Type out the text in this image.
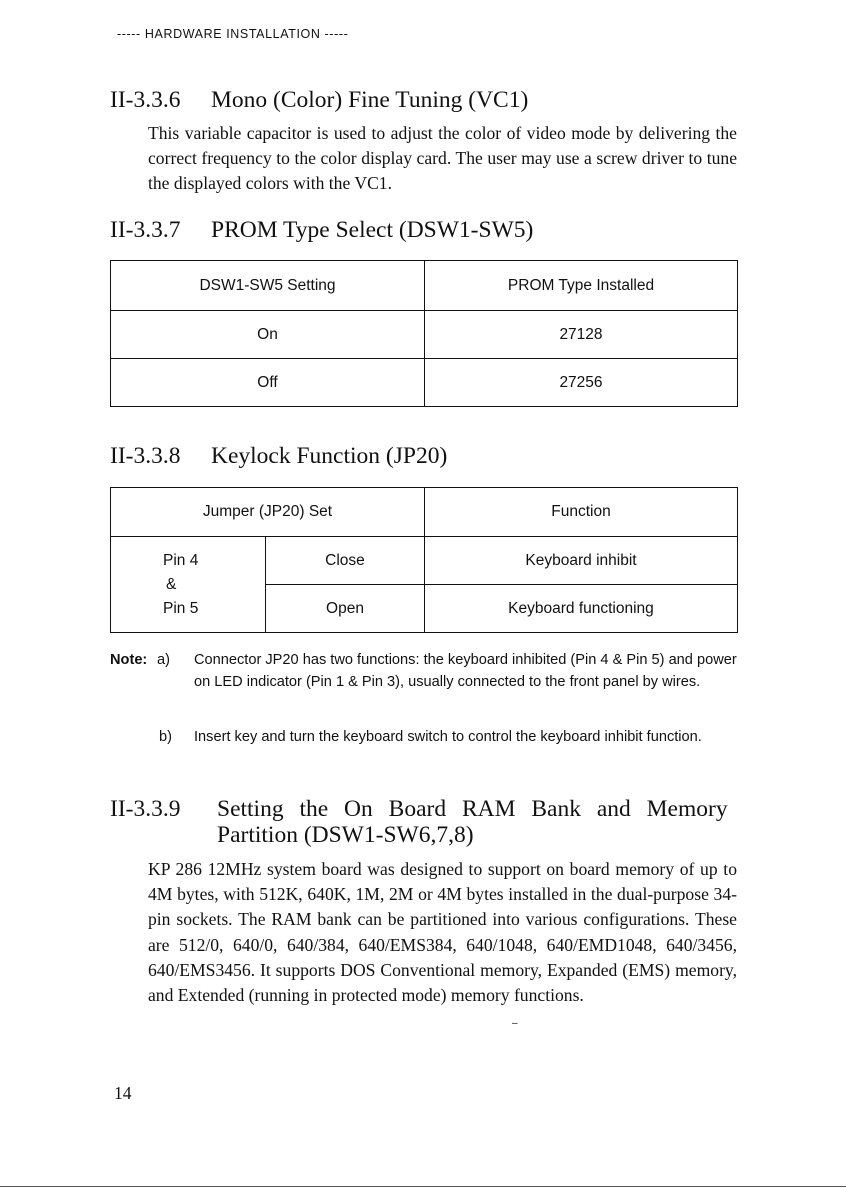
----- HARDWARE INSTALLATION -----
II-3.3.6 Mono (Color) Fine Tuning (VC1)
This variable capacitor is used to adjust the color of video mode by delivering the correct frequency to the color display card. The user may use a screw driver to tune the displayed colors with the VC1.
II-3.3.7 PROM Type Select (DSW1-SW5)
DSW1-SW5 Setting	PROM Type Installed
On	27128
Off	27256
II-3.3.8 Keylock Function (JP20)
Jumper (JP20) Set		Function

Pin 4
&
Pin 5	Close	Keyboard inhibit
	Open	Keyboard functioning
Note: a) Connector JP20 has two functions: the keyboard inhibited (Pin 4 & Pin 5) and power on LED indicator (Pin 1 & Pin 3), usually connected to the front panel by wires.
b) Insert key and turn the keyboard switch to control the keyboard inhibit function.
II-3.3.9 Setting the On Board RAM Bank and Memory
Partition (DSW1-SW6,7,8)
KP 286 12MHz system board was designed to support on board memory of up to 4M bytes, with 512K, 640K, 1M, 2M or 4M bytes installed in the dual-purpose 34-pin sockets. The RAM bank can be partitioned into various configurations. These are 512/0, 640/0, 640/384, 640/EMS384, 640/1048, 640/EMD1048, 640/3456, 640/EMS3456. It supports DOS Conventional memory, Expanded (EMS) memory, and Extended (running in protected mode) memory functions.
‒
14
